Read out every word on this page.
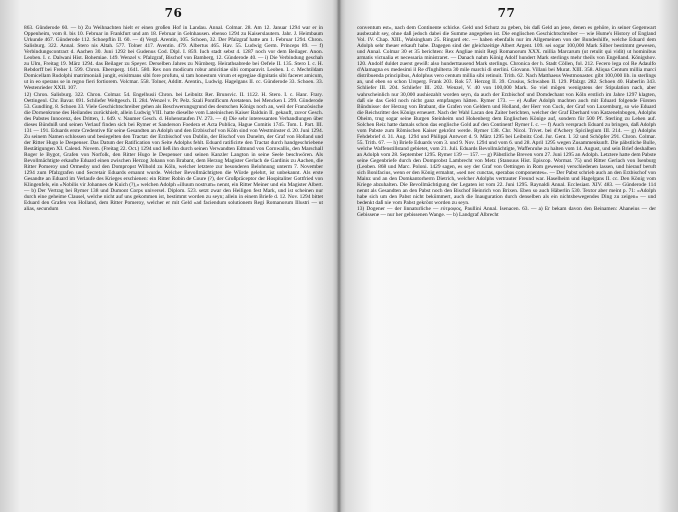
76

863. Gůnderode 60. — b) Zu Weihnachten hielt er einen großen Hof in Landau. Annal. Colmar. 28. Am 12. Januar 1294 war er in Oppenheim, vom 8. bis 10. Februar in Frankfurt und am 18. Februar in Gelnhausen. ebenso 1294 zu Kaiserslautern. Jahr. J. Heimbaum Urkunde 467. Günderode 112. Schoepflin II. 60. — d) Vergl. Arentin, 105. Schoen, 32. Der Pfalzgraf hatte am 1. Februar 1294. Chron. Salisburg. 322. Annal. Stero nis Altah. 577. Tolner 417. Aventin. 479. Albertus 465. Hav. 55. Ludwig Germ. Princeps 89. — f) Verbindungscontract d. Aachen 30. Juni 1292 bei Gudenus Cod. Dipl. I. 859. Iuch stadt sebst 4. 1287 noch vor dem Beilager. Anon. Leoben. I. c. Dalwani Hist. Bohemiae. 149. Wenzel v. Pfalzgraf, Bischof von Bamberg, 12. Günderode 40. — i) Die Verbindung geschah zu Ulm, Freitag 19. März 1294. das Beilager zu Speyer. Derselben Jahres zu Nürnberg. Heirathsabrede bei Oefele II. 135. Stero I. c. H. Rebdorff bei Freher I. 599. Chron. Ebersperg. 1641. 580. Rex non modicum robur amicitiae sibi comparavit. Leoben. I. c. Mechtildam Domicellam Rudolphi matrimoniali jungit, exisitmans sibi fore profutu, si tam honestum virum et egregiae dignitatis sibi faceret amicum, ut in eo sperans se in regno fieri fortiorem. Volcmar. 558. Tolner, Additt. Arentin., Ludwig. Hagelgans II. cc. Günderode 33. Schoen. 33. Westenrieder XXII. 107.

12) Chron. Salisburg. 322. Chron. Colmar. 54. Engelhusii Chron. bei Leibnitz Rer. Brunsvic. II. 1122. H. Stero. I. c. Hanr. Frary. Oettingenl. Chr. Bavar. 691. Schliefer Weltgesch. II. 284. Wenzel v. Pr. Pelz. Szali Pontificum Aretatenn. bei Mencken I. 299. Günderode 53. Gundling. 8. Schoen 33. Viele Geschichtschreiber gehen als Beschwerungsgrund des deutschen Königs noch an, weil der Französische die Dornenkrone des Heilandes zurückhielt, allein Ludwig VIII. hatte dieselbe vom Lateinischen Kaiser Balduin II. gekauft, zuvor Gesch. des Pabstes Innocenz, des Dritten, 1. 649. v. Naumer Gesch. d. Hohenstaufen IV. 273. — d) Die sehr interessanten Verhandlungen über dieses Bündniß und seinen Verlauf finden sich bei Rymer et Sanderson Foedera et Acta Publica, Hague Comitis 1745. Tom. I. Part. III. 131 — 191. Eduards erste Credentive für seine Gesandten an Adolph und den Erzbischof von Köln sind von Westminster d. 20. Juni 1294. Zu seinem Namen schlossen und besiegelten den Tractat: der Erzbischof von Dublin, der Bischof von Dunelm, der Graf von Holland und der Ritter Hugo le Despenser. Das Datum der Ratification von Seite Adolphs fehlt. Eduard ratificirte den Tractat durch handgeschriebene Bestätigungen XI. Calend. Novem. (Freitag 22. Oct.) 1294 und ließ ihn durch seinen Verwandten Edmund von Cornwallis, den Marschall Roger le Bygot, Grafen von Norfolk, den Ritter Hugo le Despenser und seinen Kanzler Langton in seine Seele beschwören. Als Bevollmächtigte erkaufte Eduard einen zwischen Herzog Johann von Brabant, dem Herzog Magister Gerlach de Gardinis zu Aachen, die Ritter Pomeroy und Ormesby und den Dompropst Wilhold zu Köln, welcher letztere zur besonderen Belohnung unterm 7. November 1294 zum Pfalzgrafen und Secretair Eduards ernannt wurde. Welcher Bevollmächtigten die Würde gelehrt, ist unbekannt. Als erste Gesandte an Eduard im Verlaufe des Krieges erschienen: ein Ritter Robin de Coure (?), der Großpräceptor der Hospitaliter Gottfried von Klingenfels, ein »Nobilis vir Johannes de Kuich (?),« welchen Adolph »illuum nostrum« nennt, ein Ritter Meiner und ein Magister Albert. — b) Der Vertrag bei Rymer 138 und Dumont Corps universel. Diplom. 523. setzt zwar den Heiligen fest Mark, und ist scheinen nur durch eine geheime Clausel, welche nicht auf uns gekommen ist, bestimmt worden zu seyn; allein in einem Briefe d. 12. Nov. 1294 bittet Eduard den Grafen von Holland, dem Ritter Pomeroy, welcher er mit Geld »ad faciendum solutionem Regi Romanorum Illustri — ut alias, secundum

77

conventum est«, nach dem Continente schicke. Geld und Schutz zu geben, bis daß Geld an jene, denen es gehöre, in seiner Gegenwart ausbezahlt sey, ohne daß jedoch dabei die Summe angegeben ist. Die englischen Geschichtschreiber — wie Hume's History of England Vol. IV. Chap. XIII., Walsingham 25. Ringard etc. — haben ebenfalls nur im Allgemeinen von der Bundeshilfe, welche Eduard dem Adolph sehr theuer erkauft habe. Dagegen sind der gleichzeitige Albert Argent. 109. sei sogar 100,000 Mark Silber bestimmt gewesen, und Annal. Colmar 30 et 35 berichten: Rex Angliae misit Regi Romanorum XXX. millia Marcarum (ut retulit qui vidit) ut hominibus armatis victualia et necessaria ministraret. — Danach nahm König Adolf hundert Mark sterlings mehr theils von Engelland. Königshov. 120. Andolf duldet zuerst gewiß: also hunderttausend Mark sterlings. Chronica der h. Stadt Cöllen, fol. 212. Fecero lega col Re Adaulfo d'Alamagna ex medesimi il Re d'Inghilterra 30 mile marchi di sterlini. Giovann. Villani bei Murat. XIII. 358. Aliqua Centum millia marci distribuenda principibus, Adolphus vero centum millia sibi retinuit. Trith. 62. Nach Matthaeus Westmonaster. gibt 100,000 lib. in sterlings an, und eben so schon Ursperg. Frank 203. Rok 57. Herzog II. 39. Crusius, Schwaben II. 129. Pfalzgr. 282. Schoen 40. Haberlin 343. Schliefer III. 204. Schliefer III. 202. Wenzel, V. 40 von 100,000 Mark. So viel mögen wenigstens der Stipulation nach, aber wahrscheinlich nur 30,000 aushiezahlt worden seyn, da auch der Erzbischof und Domdechant von Köln erstlich im Jahre 1297 klagten, daß sie das Geld noch nicht ganz empfangen hätten. Rymer 173. — e) Außer Adolph machten auch mit Eduard folgende Fürsten Bündnisse: der Herzog von Brabant, die Grafen von Geldern und Holland, der Herr von Cuck, der Graf von Luxemburg, so wie Eduard die Reichsritter des Königs erneuert. Nach der Wahl Lacan den Zaiter berichten, welcher der Graf Eberhard von Katzenelnbogen, Adolphs Oheim, trug sogar seine Burgen Steinheim und Hohenberg dem Englischen Könige auf, sondern für 500 Pf. Sterling zu Lehen auf. Solchen Reiz hatte damals schon das englische Gold auf den Continent! Rymer I. c. — f) Auch versprach Eduard zu bringen, daß Adolph vom Pabste zum Römischen Kaiser gekrönt werde. Rymer 138. Chr. Nicol. Trivet. bei d'Achery Spicilegium III. 214. — g) Adolphs Fehdebrief d. 31. Aug. 1294 und Philippi Antwort d. 9. März 1295 bei Leibnitz Cod. Jur. Gent. I. 32 und Schöpfer 291. Chron. Colmar. 55. Trith. 67. — h) Briefe Eduards vom 3. und 9. Nov. 1294 und vom 6. und 28. April 1295 wegen Zusammenkunft. Die päbstliche Bulle, welche Waffenstillstand gebietet, vom 21. Juli. Eduards Bevollmächtigte, Waffenruhe zu halten vom 14. August, und sein Brief deshalben an Adolph vom 28. September 1295. Rymer 139 — 157. — g) Päbstliche Breven vom 27. Juni 1295 an Adolph. Letztere hatte dem Pabste seine Gegenbriefe durch den Domprobst Lambrecht von Metz (Stansuus Hist. Episcop. Wormat. 75) und Ritter Gerlach von Isenburg (Leoben. 868 und Marc. Poloni. 1429 sagen, es sey der Graf von Oettingen in Rom gewesen) verschiedenen lassen, und hierauf beruft sich Bonifacius, wenn er den König ermahnt, »sed nec cunctas, sperabas componentes«. — Der Pabst schrieb auch an den Erzbischof von Mainz und an den Domkantorherrn Dietrich, welcher Adolphs vertrauter Freund war. Haselheim und Hagelgans II. cc. Den König vom Kriege abzuhalten. Die Bevollmächtigung der Legaten ist vom 22. Juni 1295. Raynaldi Annal. Ecclesiast. XIV. 483. — Günderode 114 nennt als Gesandten an den Pabst noch den Bischof Heinrich von Brixen. Eben so auch Häberlin 530. Textor aber meint p. 71: »Adolph habe sich um den Pabst nicht bekümmert, auch die Inauguration durch denselben als ein nichtsbewegendes Ding zu zeigen« — und bedenkt daß nie vom Pabst gekrönt worden zu seyn.

13) Dogener — der linnaturliche — εὐτροφος, Paullini Annal. Isenacen. 63. — a) Er bekam davon den Beinamen: Ahaneius — der Gebissene — nur her gebissenen Wange. — b) Landgraf Albrecht
